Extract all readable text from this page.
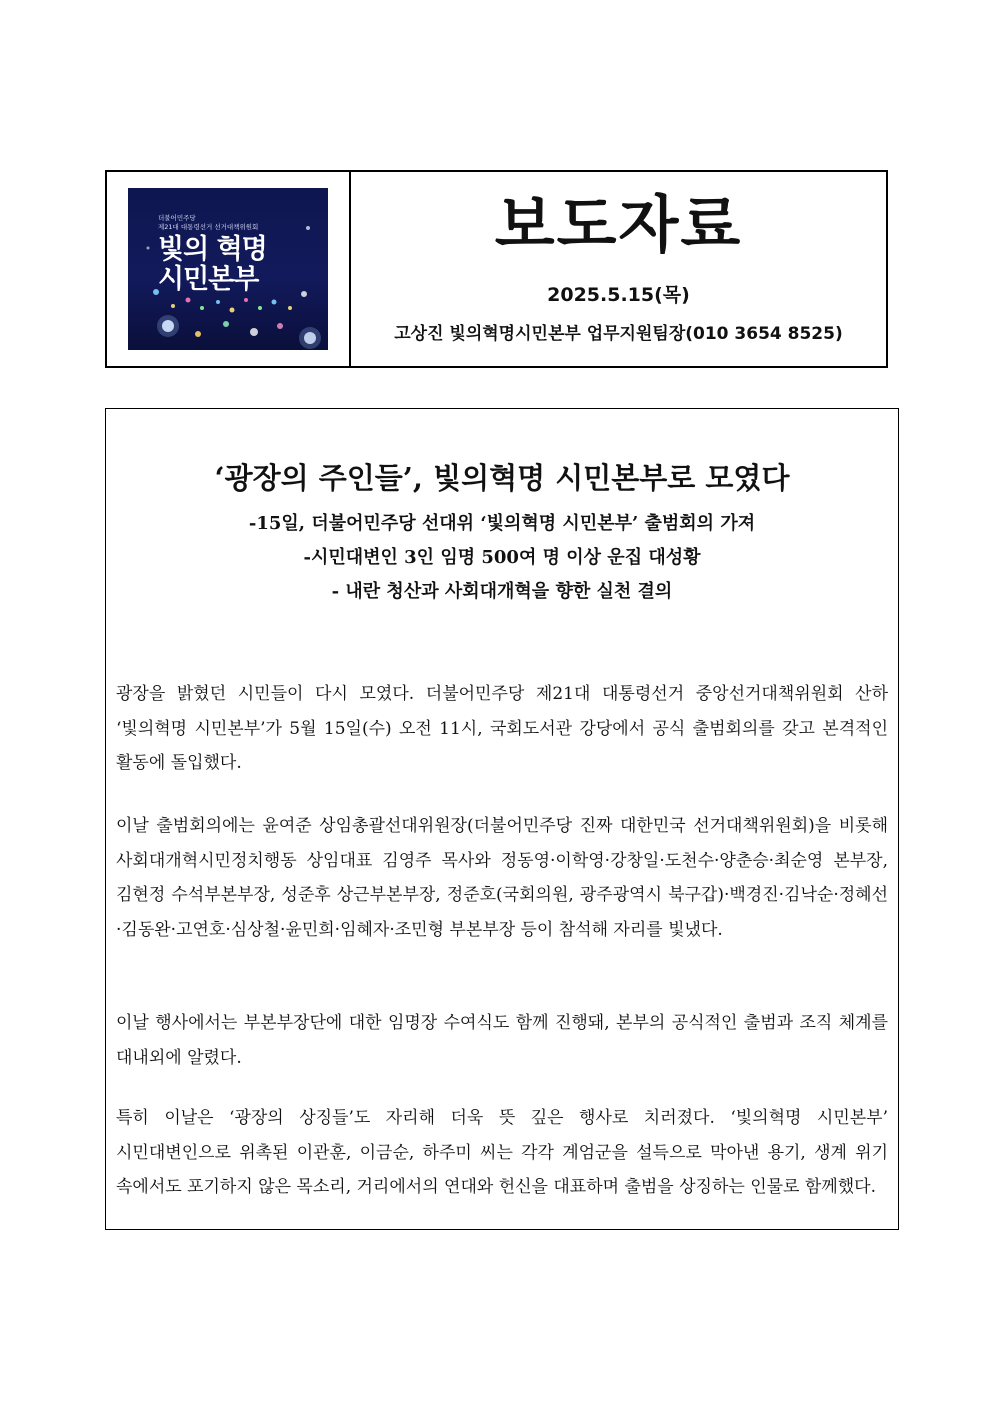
더불어민주당
제21대 대통령선거 선거대책위원회
빛의 혁명
시민본부
보도자료
2025.5.15(목)
고상진 빛의혁명시민본부 업무지원팀장(010 3654 8525)
‘광장의 주인들’, 빛의혁명 시민본부로 모였다
-15일, 더불어민주당 선대위 ‘빛의혁명 시민본부’ 출범회의 가져
-시민대변인 3인 임명 500여 명 이상 운집 대성황
- 내란 청산과 사회대개혁을 향한 실천 결의

광장을 밝혔던 시민들이 다시 모였다. 더불어민주당 제21대 대통령선거 중앙선거대책위원회 산하 ‘빛의혁명 시민본부’가 5월 15일(수) 오전 11시, 국회도서관 강당에서 공식 출범회의를 갖고 본격적인 활동에 돌입했다.

이날 출범회의에는 윤여준 상임총괄선대위원장(더불어민주당 진짜 대한민국 선거대책위원회)을 비롯해 사회대개혁시민정치행동 상임대표 김영주 목사와 정동영·이학영·강창일·도천수·양춘승·최순영 본부장, 김현정 수석부본부장, 성준후 상근부본부장, 정준호(국회의원, 광주광역시 북구갑)·백경진·김낙순·정혜선·김동완·고연호·심상철·윤민희·임혜자·조민형 부본부장 등이 참석해 자리를 빛냈다.

이날 행사에서는 부본부장단에 대한 임명장 수여식도 함께 진행돼, 본부의 공식적인 출범과 조직 체계를 대내외에 알렸다.

특히 이날은 ‘광장의 상징들’도 자리해 더욱 뜻 깊은 행사로 치러졌다. ‘빛의혁명 시민본부’ 시민대변인으로 위촉된 이관훈, 이금순, 하주미 씨는 각각 계엄군을 설득으로 막아낸 용기, 생계 위기 속에서도 포기하지 않은 목소리, 거리에서의 연대와 헌신을 대표하며 출범을 상징하는 인물로 함께했다.
